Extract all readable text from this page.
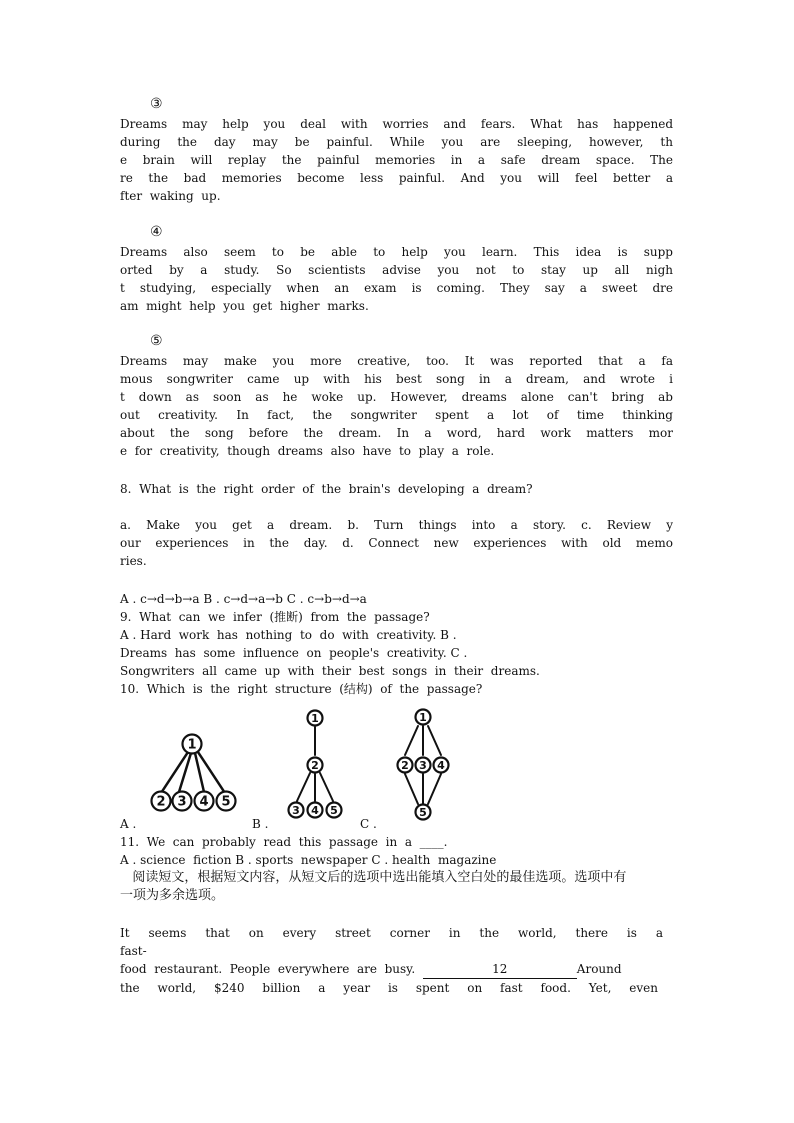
③
Dreams may help you deal with worries and fears. What has happened
during the day may be painful. While you are sleeping, however, th
e brain will replay the painful memories in a safe dream space. The
re the bad memories become less painful. And you will feel better a
fter  waking  up.
④
Dreams also seem to be able to help you learn. This idea is supp
orted by a study. So scientists advise you not to stay up all nigh
t studying, especially when an exam is coming. They say a sweet dre
am  might  help  you  get  higher  marks.
⑤
Dreams may make you more creative, too. It was reported that a fa
mous songwriter came up with his best song in a dream, and wrote i
t down as soon as he woke up. However, dreams alone can't bring ab
out creativity. In fact, the songwriter spent a lot of time thinking
about the song before the dream. In a word, hard work matters mor
e  for  creativity,  though  dreams  also  have  to  play  a  role.
8.  What  is  the  right  order  of  the  brain's  developing  a  dream?
a. Make you get a dream. b. Turn things into a story. c. Review y
our experiences in the day. d. Connect new experiences with old memo
ries.
A . c→d→b→a B . c→d→a→b C . c→b→d→a
9.  What  can  we  infer  (推断)  from  the  passage?
A . Hard  work  has  nothing  to  do  with  creativity. B .
Dreams  has  some  influence  on  people's  creativity. C .
Songwriters  all  came  up  with  their  best  songs  in  their  dreams.
10.  Which  is  the  right  structure  (结构)  of  the  passage?
1
2 3 4 5
1
2
3 4 5
1
2 3 4
5
A .	B .	C .
11.  We  can  probably  read  this  passage  in  a  ____.
A . science  fiction B . sports  newspaper C . health  magazine
阅读短文，根据短文内容，从短文后的选项中选出能填入空白处的最佳选项。选项中有
一项为多余选项。
It seems that on every street corner in the world, there is a
fast-
food  restaurant.  People  everywhere  are  busy.	12	Around
the world, $240 billion a year is spent on fast food. Yet, even
